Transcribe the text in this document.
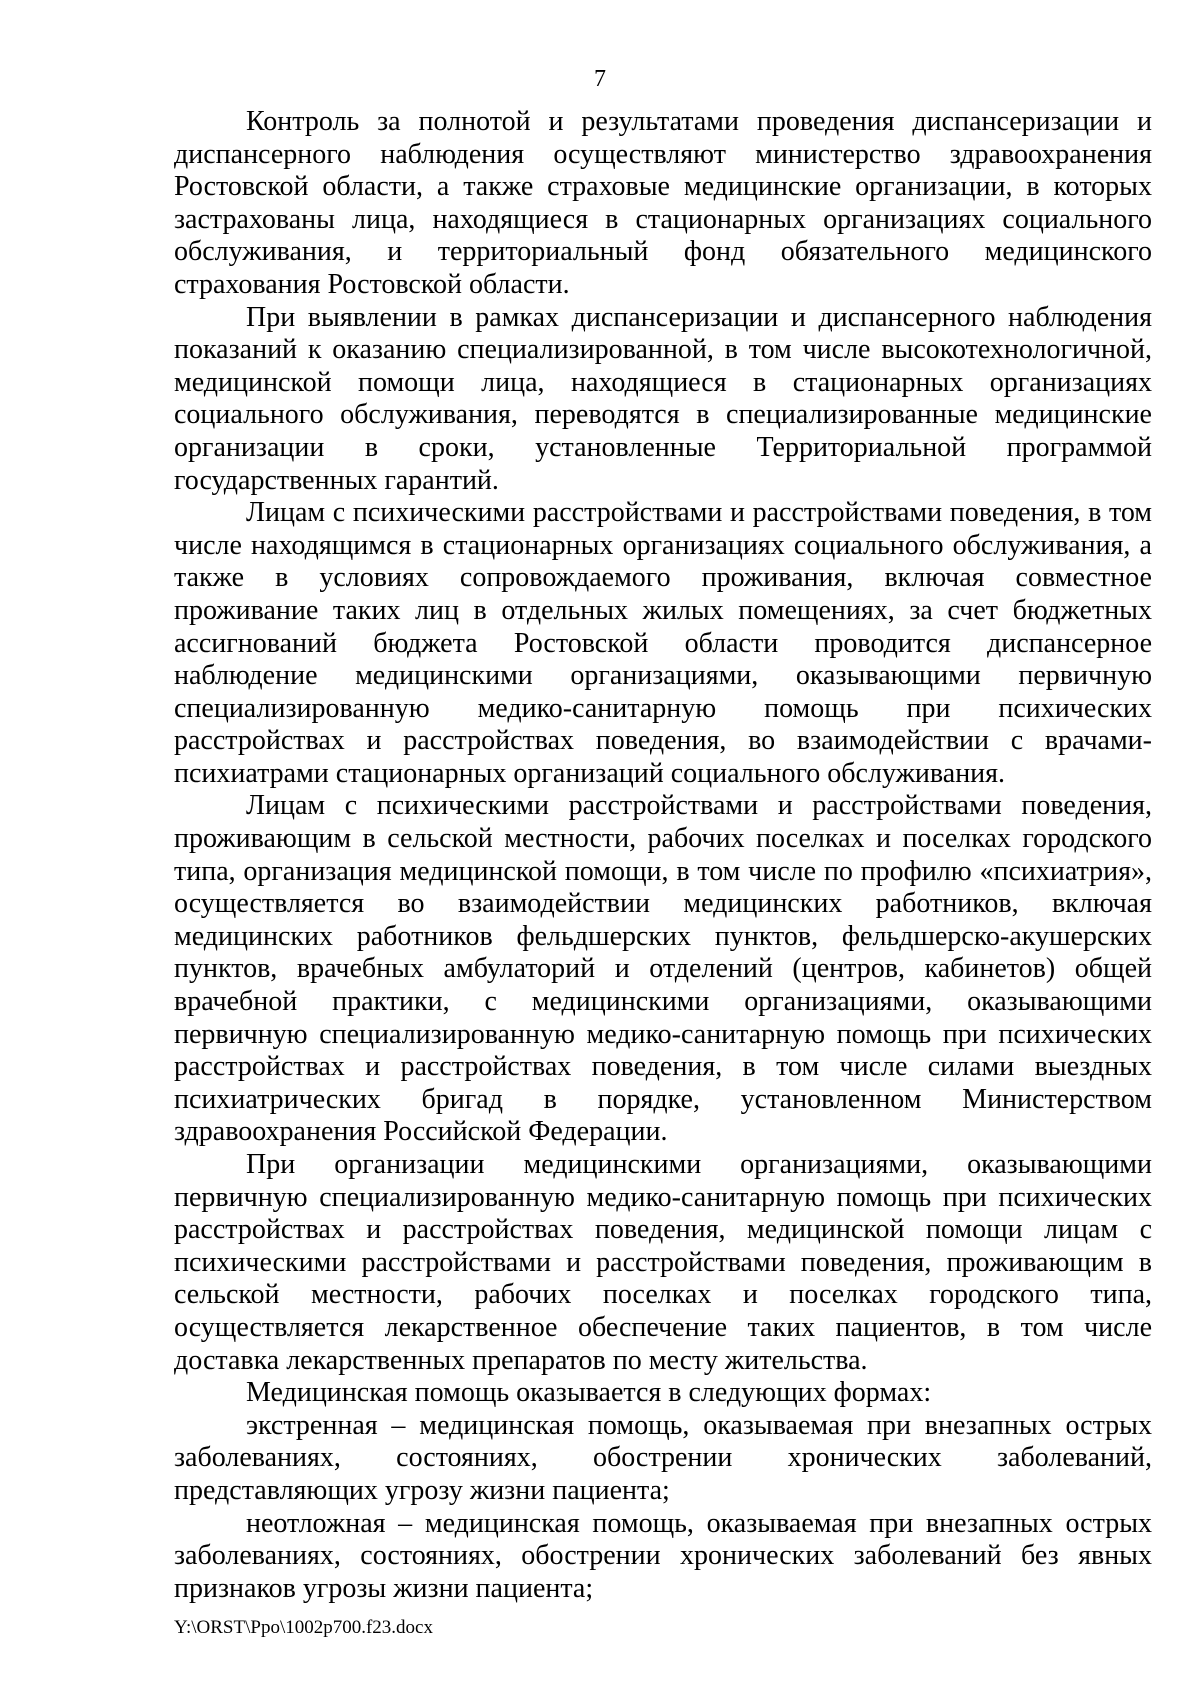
7

Контроль за полнотой и результатами проведения диспансеризации и диспансерного наблюдения осуществляют министерство здравоохранения Ростовской области, а также страховые медицинские организации, в которых застрахованы лица, находящиеся в стационарных организациях социального обслуживания, и территориальный фонд обязательного медицинского страхования Ростовской области.

При выявлении в рамках диспансеризации и диспансерного наблюдения показаний к оказанию специализированной, в том числе высокотехнологичной, медицинской помощи лица, находящиеся в стационарных организациях социального обслуживания, переводятся в специализированные медицинские организации в сроки, установленные Территориальной программой государственных гарантий.

Лицам с психическими расстройствами и расстройствами поведения, в том числе находящимся в стационарных организациях социального обслуживания, а также в условиях сопровождаемого проживания, включая совместное проживание таких лиц в отдельных жилых помещениях, за счет бюджетных ассигнований бюджета Ростовской области проводится диспансерное наблюдение медицинскими организациями, оказывающими первичную специализированную медико-санитарную помощь при психических расстройствах и расстройствах поведения, во взаимодействии с врачами-психиатрами стационарных организаций социального обслуживания.

Лицам с психическими расстройствами и расстройствами поведения, проживающим в сельской местности, рабочих поселках и поселках городского типа, организация медицинской помощи, в том числе по профилю «психиатрия», осуществляется во взаимодействии медицинских работников, включая медицинских работников фельдшерских пунктов, фельдшерско-акушерских пунктов, врачебных амбулаторий и отделений (центров, кабинетов) общей врачебной практики, с медицинскими организациями, оказывающими первичную специализированную медико-санитарную помощь при психических расстройствах и расстройствах поведения, в том числе силами выездных психиатрических бригад в порядке, установленном Министерством здравоохранения Российской Федерации.

При организации медицинскими организациями, оказывающими первичную специализированную медико-санитарную помощь при психических расстройствах и расстройствах поведения, медицинской помощи лицам с психическими расстройствами и расстройствами поведения, проживающим в сельской местности, рабочих поселках и поселках городского типа, осуществляется лекарственное обеспечение таких пациентов, в том числе доставка лекарственных препаратов по месту жительства.

Медицинская помощь оказывается в следующих формах:

экстренная – медицинская помощь, оказываемая при внезапных острых заболеваниях, состояниях, обострении хронических заболеваний, представляющих угрозу жизни пациента;

неотложная – медицинская помощь, оказываемая при внезапных острых заболеваниях, состояниях, обострении хронических заболеваний без явных признаков угрозы жизни пациента;

Y:\ORST\Ppo\1002p700.f23.docx
